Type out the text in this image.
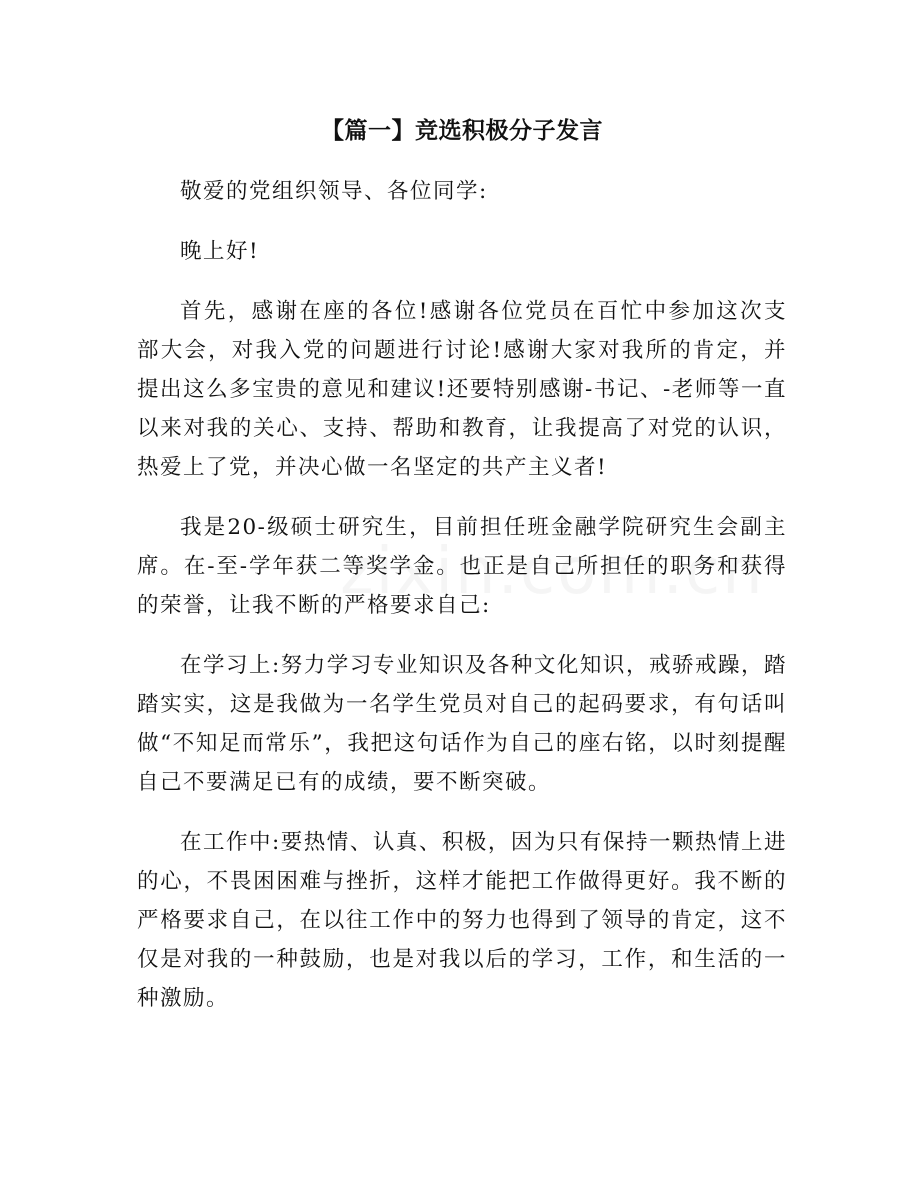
【篇一】竞选积极分子发言

敬爱的党组织领导、各位同学:

晚上好!

首先，感谢在座的各位!感谢各位党员在百忙中参加这次支部大会，对我入党的问题进行讨论!感谢大家对我所的肯定，并提出这么多宝贵的意见和建议!还要特别感谢-书记、-老师等一直以来对我的关心、支持、帮助和教育，让我提高了对党的认识，热爱上了党，并决心做一名坚定的共产主义者!

我是20-级硕士研究生，目前担任班金融学院研究生会副主席。在-至-学年获二等奖学金。也正是自己所担任的职务和获得的荣誉，让我不断的严格要求自己:

在学习上:努力学习专业知识及各种文化知识，戒骄戒躁，踏踏实实，这是我做为一名学生党员对自己的起码要求，有句话叫做“不知足而常乐”，我把这句话作为自己的座右铭，以时刻提醒自己不要满足已有的成绩，要不断突破。

在工作中:要热情、认真、积极，因为只有保持一颗热情上进的心，不畏困困难与挫折，这样才能把工作做得更好。我不断的严格要求自己，在以往工作中的努力也得到了领导的肯定，这不仅是对我的一种鼓励，也是对我以后的学习，工作，和生活的一种激励。
